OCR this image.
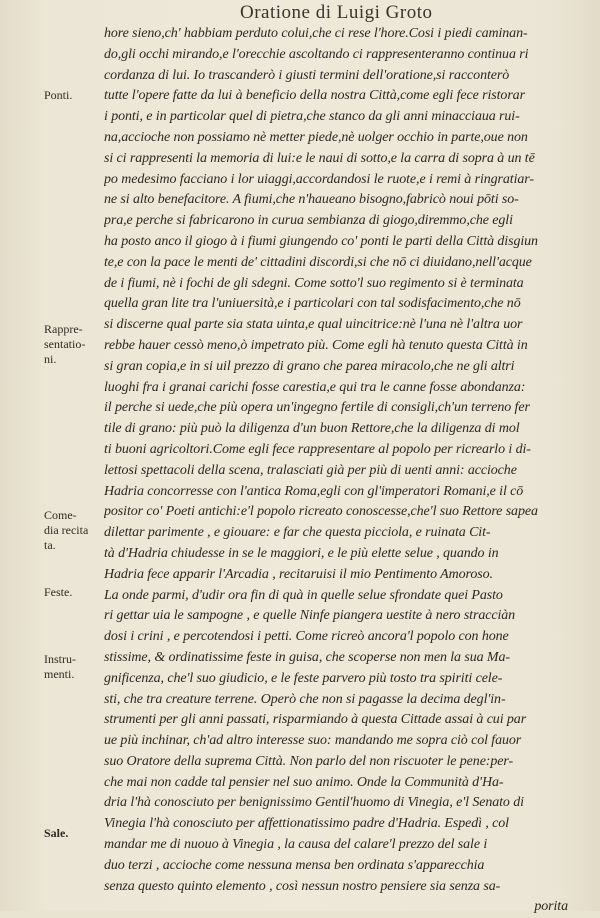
Oratione di Luigi Groto
hore sieno,ch' habbiam perduto colui,che ci rese l'hore.Cosi i piedi caminan-
do,gli occhi mirando,e l'orecchie ascoltando ci rappresenteranno continua ri
cordanza di lui. Io trascanderò i giusti termini dell'oratione,si racconterò
tutte l'opere fatte da lui à beneficio della nostra Città,come egli fece ristorar
i ponti, e in particolar quel di pietra,che stanco da gli anni minacciaua rui-
na,accioche non possiamo nè metter piede,nè uolger occhio in parte,oue non
si ci rappresenti la memoria di lui:e le naui di sotto,e la carra di sopra à un tē
po medesimo facciano i lor uiaggi,accordandosi le ruote,e i remi à ringratiar-
ne si alto benefacitore. A fiumi,che n'haueano bisogno,fabricò noui pōti so-
pra,e perche si fabricarono in curua sembianza di giogo,diremmo,che egli
ha posto anco il giogo à i fiumi giungendo co' ponti le parti della Città disgiun
te,e con la pace le menti de' cittadini discordi,si che nō ci diuidano,nell'acque
de i fiumi, nè i fochi de gli sdegni. Come sotto'l suo regimento si è terminata
quella gran lite tra l'uniuersità,e i particolari con tal sodisfacimento,che nō
si discerne qual parte sia stata uinta,e qual uincitrice:nè l'una nè l'altra uor
rebbe hauer cessò meno,ò impetrato più. Come egli hà tenuto questa Città in
si gran copia,e in si uil prezzo di grano che parea miracolo,che ne gli altri
luoghi fra i granai carichi fosse carestia,e qui tra le canne fosse abondanza:
il perche si uede,che più opera un'ingegno fertile di consigli,ch'un terreno fer
tile di grano: più può la diligenza d'un buon Rettore,che la diligenza di mol
ti buoni agricoltori.Come egli fece rappresentare al popolo per ricrearlo i di-
lettosi spettacoli della scena, tralasciati già per più di uenti anni: accioche
Hadria concorresse con l'antica Roma,egli con gl'imperatori Romani,e il cō
positor co' Poeti antichi:e'l popolo ricreato conoscesse,che'l suo Rettore sapea
dilettar parimente , e giouare: e far che questa picciola, e ruinata Cit-
tà d'Hadria chiudesse in se le maggiori, e le più elette selue , quando in
Hadria fece apparir l'Arcadia , recitaruisi il mio Pentimento Amoroso.
La onde parmi, d'udir ora fin di quà in quelle selue sfrondate quei Pasto
ri gettar uia le sampogne , e quelle Ninfe piangera uestite à nero stracciàn
dosi i crini , e percotendosi i petti. Come ricreò ancora'l popolo con hone
stissime, & ordinatissime feste in guisa, che scoperse non men la sua Ma-
gnificenza, che'l suo giudicio, e le feste parvero più tosto tra spiriti cele-
sti, che tra creature terrene. Operò che non si pagasse la decima degl'in-
strumenti per gli anni passati, risparmiando à questa Cittade assai à cui par
ue più inchinar, ch'ad altro interesse suo: mandando me sopra ciò col fauor
suo Oratore della suprema Città. Non parlo del non riscuoter le pene:per-
che mai non cadde tal pensier nel suo animo. Onde la Communità d'Ha-
dria l'hà conosciuto per benignissimo Gentil'huomo di Vinegia, e'l Senato di
Vinegia l'hà conosciuto per affettionatissimo padre d'Hadria. Espedì , col
mandar me di nuouo à Vinegia , la causa del calare'l prezzo del sale i
duo terzi , accioche come nessuna mensa ben ordinata s'apparecchia
senza questo quinto elemento , così nessun nostro pensiere sia senza sa-
porita
Ponti.
Rappre-
sentatio-
ni.
Come-
dia recita
ta.
Feste.
Instru-
menti.
Sale.
